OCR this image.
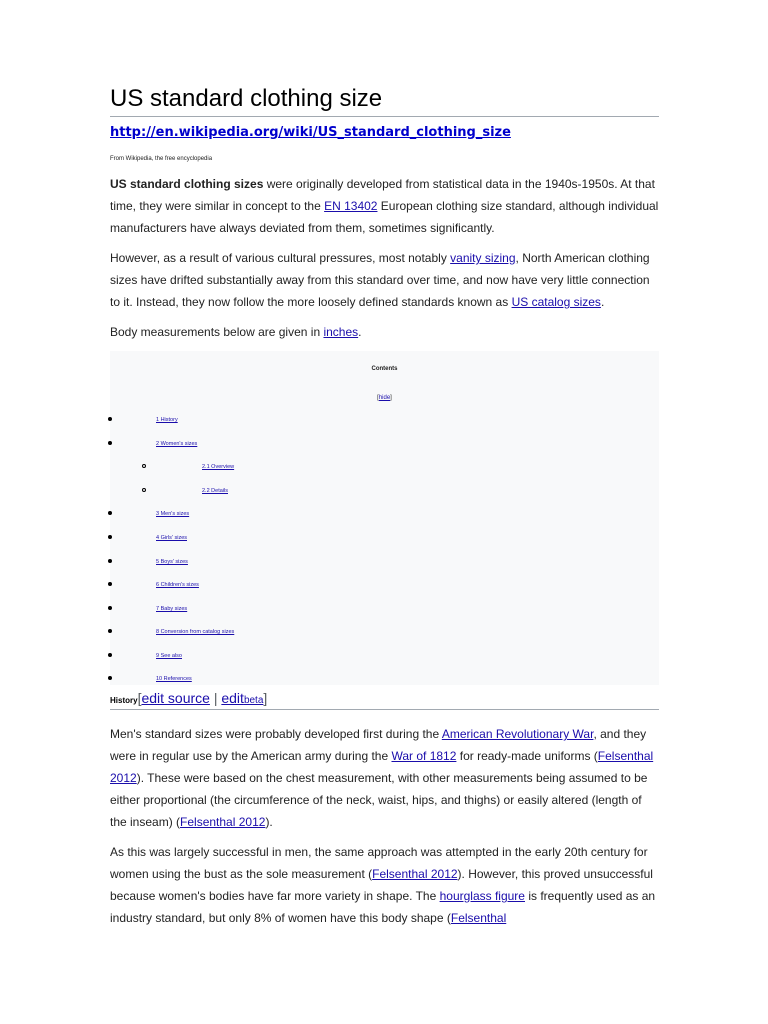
US standard clothing size
http://en.wikipedia.org/wiki/US_standard_clothing_size
From Wikipedia, the free encyclopedia

US standard clothing sizes were originally developed from statistical data in the 1940s-1950s. At that time, they were similar in concept to the EN 13402 European clothing size standard, although individual manufacturers have always deviated from them, sometimes significantly.

However, as a result of various cultural pressures, most notably vanity sizing, North American clothing sizes have drifted substantially away from this standard over time, and now have very little connection to it. Instead, they now follow the more loosely defined standards known as US catalog sizes.

Body measurements below are given in inches.

Contents
[hide]
1 History
2 Women's sizes
2.1 Overview
2.2 Details
3 Men's sizes
4 Girls' sizes
5 Boys' sizes
6 Children's sizes
7 Baby sizes
8 Conversion from catalog sizes
9 See also
10 References
History[edit source | editbeta]

Men's standard sizes were probably developed first during the American Revolutionary War, and they were in regular use by the American army during the War of 1812 for ready-made uniforms (Felsenthal 2012). These were based on the chest measurement, with other measurements being assumed to be either proportional (the circumference of the neck, waist, hips, and thighs) or easily altered (length of the inseam) (Felsenthal 2012).

As this was largely successful in men, the same approach was attempted in the early 20th century for women using the bust as the sole measurement (Felsenthal 2012). However, this proved unsuccessful because women's bodies have far more variety in shape. The hourglass figure is frequently used as an industry standard, but only 8% of women have this body shape (Felsenthal
